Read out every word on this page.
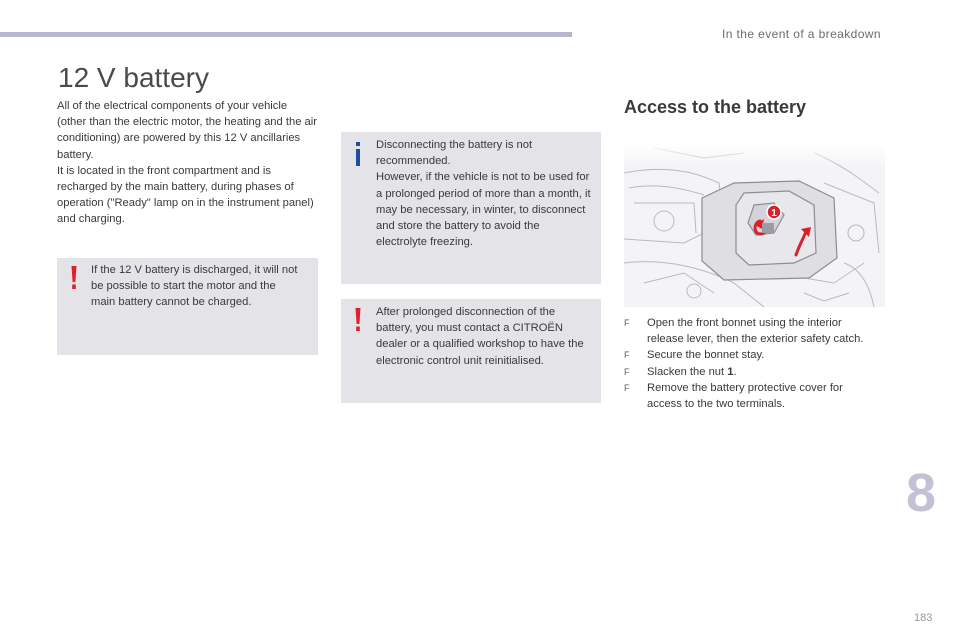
In the event of a breakdown
12 V battery

All of the electrical components of your vehicle (other than the electric motor, the heating and the air conditioning) are powered by this 12 V ancillaries battery.

It is located in the front compartment and is recharged by the main battery, during phases of operation ("Ready" lamp on in the instrument panel) and charging.

If the 12 V battery is discharged, it will not be possible to start the motor and the main battery cannot be charged.

Disconnecting the battery is not recommended.

However, if the vehicle is not to be used for a prolonged period of more than a month, it may be necessary, in winter, to disconnect and store the battery to avoid the electrolyte freezing.

After prolonged disconnection of the battery, you must contact a CITROËN dealer or a qualified workshop to have the electronic control unit reinitialised.

Access to the battery
F Open the front bonnet using the interior release lever, then the exterior safety catch.
F Secure the bonnet stay.
F Slacken the nut 1.
F Remove the battery protective cover for access to the two terminals.
8
183
